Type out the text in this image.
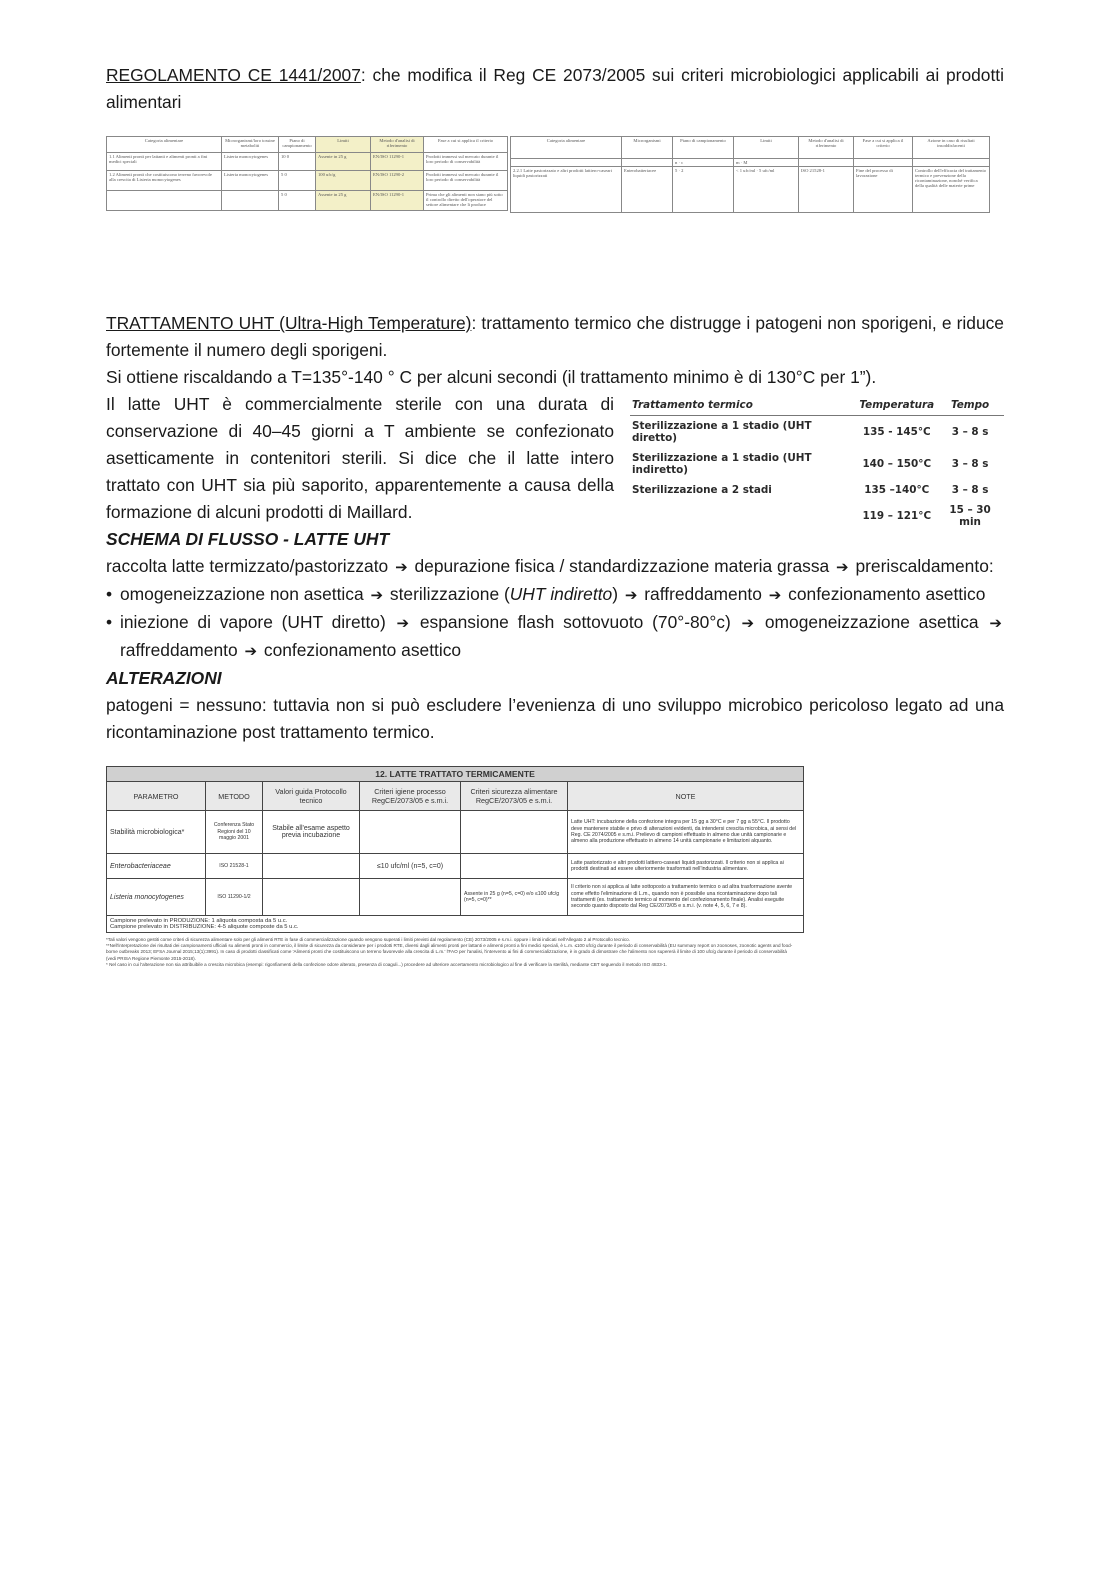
REGOLAMENTO CE 1441/2007: che modifica il Reg CE 2073/2005 sui criteri microbiologici applicabili ai prodotti alimentari

Categoria alimentare	Microrganismi/loro tossine metaboliti	Piano di campionamento	Limiti	Metodo d'analisi di riferimento	Fase a cui si applica il criterio
1.1 Alimenti pronti per lattanti e alimenti pronti a fini medici speciali	Listeria monocytogenes	10 0	Assente in 25 g	EN/ISO 11290-1	Prodotti immessi sul mercato durante il loro periodo di conservabilità
1.2 Alimenti pronti che costituiscono terreno favorevole alla crescita di Listeria monocytogenes	Listeria monocytogenes	5 0	100 ufc/g	EN/ISO 11290-2	Prodotti immessi sul mercato durante il loro periodo di conservabilità
		5 0	Assente in 25 g	EN/ISO 11290-1	Prima che gli alimenti non siano più sotto il controllo diretto dell'operatore del settore alimentare che li produce
Categoria alimentare	Microrganismi	Piano di campionamento	Limiti	Metodo d'analisi di riferimento	Fase a cui si applica il criterio	Azione in caso di risultati insoddisfacenti
		n · c	m · M			
2.2.1 Latte pastorizzato e altri prodotti lattiero-caseari liquidi pastorizzati	Enterobatteriacee	5 · 2	< 1 ufc/ml · 5 ufc/ml	ISO 21528-1	Fine del processo di lavorazione	Controllo dell'efficacia del trattamento termico e prevenzione della ricontaminazione, nonché verifica della qualità delle materie prime

TRATTAMENTO UHT (Ultra-High Temperature): trattamento termico che distrugge i patogeni non sporigeni, e riduce fortemente il numero degli sporigeni.

Si ottiene riscaldando a T=135°-140 ° C per alcuni secondi (il trattamento minimo è di 130°C per 1”).

Il latte UHT è commercialmente sterile con una durata di conservazione di 40–45 giorni a T ambiente se confezionato asetticamente in contenitori sterili. Si dice che il latte intero trattato con UHT sia più saporito, apparentemente a causa della formazione di alcuni prodotti di Maillard.

Trattamento termico	Temperatura	Tempo
Sterilizzazione a 1 stadio (UHT diretto)	135 - 145°C	3 – 8 s
Sterilizzazione a 1 stadio (UHT indiretto)	140 – 150°C	3 – 8 s
Sterilizzazione a 2 stadi	135 –140°C	3 – 8 s
	119 – 121°C	15 – 30 min

SCHEMA DI FLUSSO - LATTE UHT

raccolta latte termizzato/pastorizzato ➔ depurazione fisica / standardizzazione materia grassa ➔ preriscaldamento:

• omogeneizzazione non asettica ➔ sterilizzazione (UHT indiretto) ➔ raffreddamento ➔ confezionamento asettico

• iniezione di vapore (UHT diretto) ➔ espansione flash sottovuoto (70°-80°c) ➔ omogeneizzazione asettica ➔ raffreddamento ➔ confezionamento asettico

ALTERAZIONI

patogeni = nessuno: tuttavia non si può escludere l’evenienza di uno sviluppo microbico pericoloso legato ad una ricontaminazione post trattamento termico.

12. LATTE TRATTATO TERMICAMENTE					
PARAMETRO	METODO	Valori guida Protocollo tecnico	Criteri igiene processo RegCE/2073/05 e s.m.i.	Criteri sicurezza alimentare RegCE/2073/05 e s.m.i.	NOTE
Stabilità microbiologica*	Conferenza Stato Regioni del 10 maggio 2001	Stabile all'esame aspetto previa incubazione			Latte UHT: incubazione della confezione integra per 15 gg a 30°C e per 7 gg a 55°C. Il prodotto deve mantenere stabile e privo di alterazioni evidenti, da intendersi crescita microbica, ai sensi del Reg. CE 2074/2005 e s.m.i. Prelievo di campioni effettuato in almeno due unità campionarie e almeno alla produzione effettuato in almeno 14 unità campionarie e limitazioni alquanto.
Enterobacteriaceae	ISO 21528-1		≤10 ufc/ml (n=5, c=0)		Latte pastorizzato e altri prodotti lattiero-caseari liquidi pastorizzati. Il criterio non si applica ai prodotti destinati ad essere ulteriormente trasformati nell'industria alimentare.
Listeria monocytogenes	ISO 11290-1/2			Assente in 25 g (n=5, c=0) e/o ≤100 ufc/g (n=5, c=0)**	Il criterio non si applica al latte sottoposto a trattamento termico o ad altra trasformazione avente come effetto l'eliminazione di L.m., quando non è possibile una ricontaminazione dopo tali trattamenti (es. trattamento termico al momento del confezionamento finale). Analisi eseguite secondo quanto disposto dal Reg CE/2073/05 e s.m.i. (v. note 4, 5, 6, 7 e 8).

Campione prelevato in PRODUZIONE: 1 aliquota composta da 5 u.c.
Campione prelevato in DISTRIBUZIONE: 4-5 aliquote composte da 5 u.c.					
*Tali valori vengono gestiti come criteri di sicurezza alimentare solo per gli alimenti RTE in fase di commercializzazione quando vengono superati i limiti previsti dal regolamento (CE) 2073/2005 e s.m.i. oppure i limiti indicati nell'Allegato 2 al Protocollo tecnico.
**Nell'interpretazione dei risultati dei campionamenti ufficiali su alimenti pronti in commercio, il limite di sicurezza da considerare per i prodotti RTE, diversi dagli alimenti pronti per lattanti e alimenti pronti a fini medici speciali, è L.m. ≤100 ufc/g durante il periodo di conservabilità (EU summary report on zoonoses, zoonotic agents and food-borne outbreaks 2013; EFSA Journal 2015;13(1):3991). In caso di prodotti classificati come 'Alimenti pronti che costituiscono un terreno favorevole alla crescita di L.m.' l'FAO per l'analisi, l'intervento ai fini di commercializzazione, è in grado di dimostrare che l'alimento non supererà il limite di 100 ufc/g durante il periodo di conservabilità (vedi PRISA Regione Piemonte 2015-2018).
* Nel caso in cui l'alterazione non sia attribuibile a crescita microbica (esempi: rigonfiamenti della confezione odore alterato, presenza di coaguli...) procedere ad ulteriore accertamento microbiologico al fine di verificare la sterilità, mediante CBT seguendo il metodo ISO 4833-1.
